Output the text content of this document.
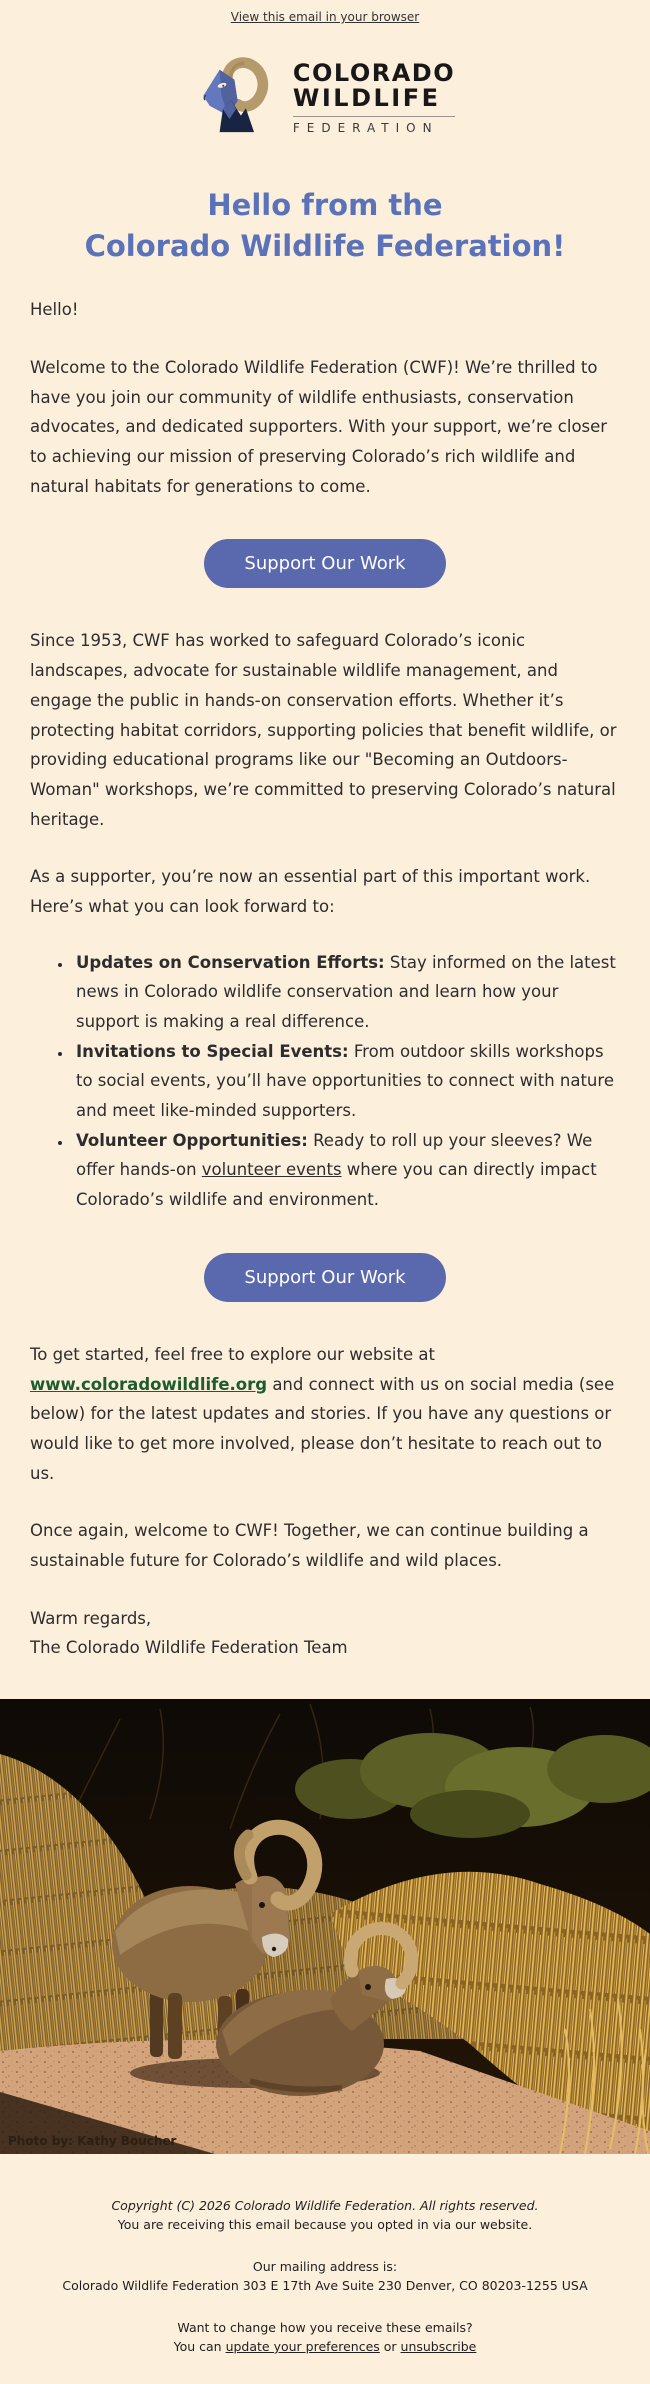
View this email in your browser
COLORADO
WILDLIFE
FEDERATION
Hello from the
Colorado Wildlife Federation!

Hello!

Welcome to the Colorado Wildlife Federation (CWF)! We’re thrilled to have you join our community of wildlife enthusiasts, conservation advocates, and dedicated supporters. With your support, we’re closer to achieving our mission of preserving Colorado’s rich wildlife and natural habitats for generations to come.

Support Our Work

Since 1953, CWF has worked to safeguard Colorado’s iconic landscapes, advocate for sustainable wildlife management, and engage the public in hands-on conservation efforts. Whether it’s protecting habitat corridors, supporting policies that benefit wildlife, or providing educational programs like our "Becoming an Outdoors-Woman" workshops, we’re committed to preserving Colorado’s natural heritage.

As a supporter, you’re now an essential part of this important work. Here’s what you can look forward to:

• Updates on Conservation Efforts: Stay informed on the latest news in Colorado wildlife conservation and learn how your support is making a real difference.
• Invitations to Special Events: From outdoor skills workshops to social events, you’ll have opportunities to connect with nature and meet like-minded supporters.
• Volunteer Opportunities: Ready to roll up your sleeves? We offer hands-on volunteer events where you can directly impact Colorado’s wildlife and environment.
Support Our Work

To get started, feel free to explore our website at www.coloradowildlife.org and connect with us on social media (see below) for the latest updates and stories. If you have any questions or would like to get more involved, please don’t hesitate to reach out to us.

Once again, welcome to CWF! Together, we can continue building a sustainable future for Colorado’s wildlife and wild places.

Warm regards,
The Colorado Wildlife Federation Team

Photo by: Kathy Boucher
Copyright (C) 2026 Colorado Wildlife Federation. All rights reserved.
You are receiving this email because you opted in via our website.
Our mailing address is:
Colorado Wildlife Federation 303 E 17th Ave Suite 230 Denver, CO 80203-1255 USA
Want to change how you receive these emails?
You can update your preferences or unsubscribe
